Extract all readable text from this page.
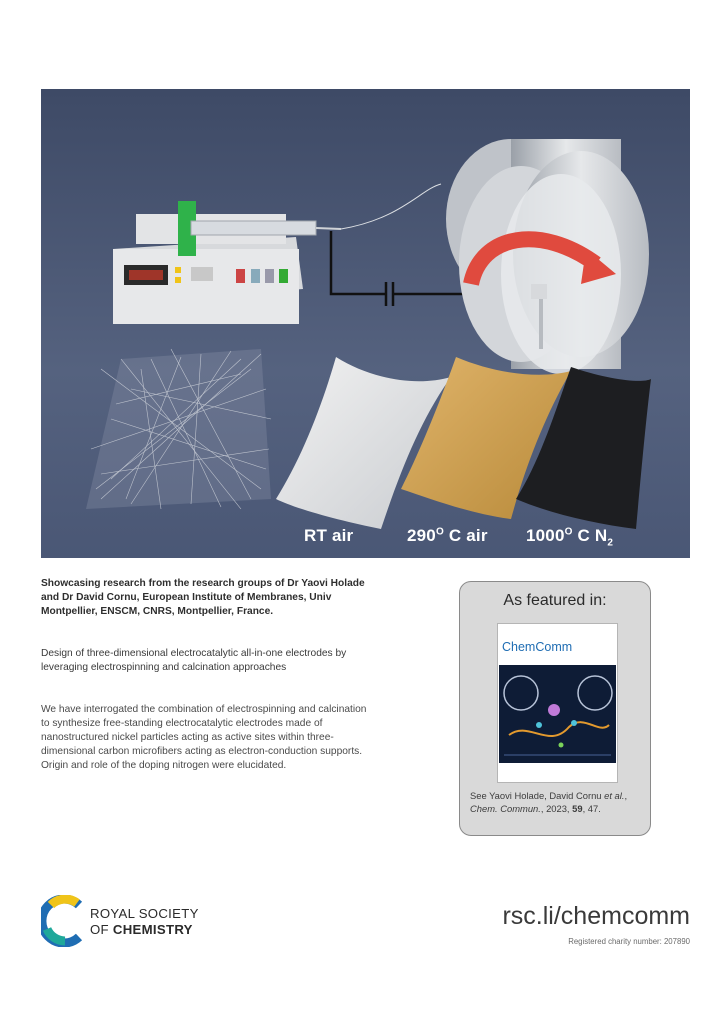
RT air	$290^O$ C air $1000^O$ C $N_2$
Showcasing research from the research groups of Dr Yaovi Holade and Dr David Cornu, European Institute of Membranes, Univ Montpellier, ENSCM, CNRS, Montpellier, France.
Design of three-dimensional electrocatalytic all-in-one electrodes by leveraging electrospinning and calcination approaches
We have interrogated the combination of electrospinning and calcination to synthesize free-standing electrocatalytic electrodes made of nanostructured nickel particles acting as active sites within three-dimensional carbon microfibers acting as electron-conduction supports. Origin and role of the doping nitrogen were elucidated.
As featured in:
ChemComm
See Yaovi Holade, David Cornu et al.,
Chem. Commun., 2023, 59, 47.
ROYAL SOCIETY
OF CHEMISTRY	rsc.li/chemcomm
Registered charity number: 207890
